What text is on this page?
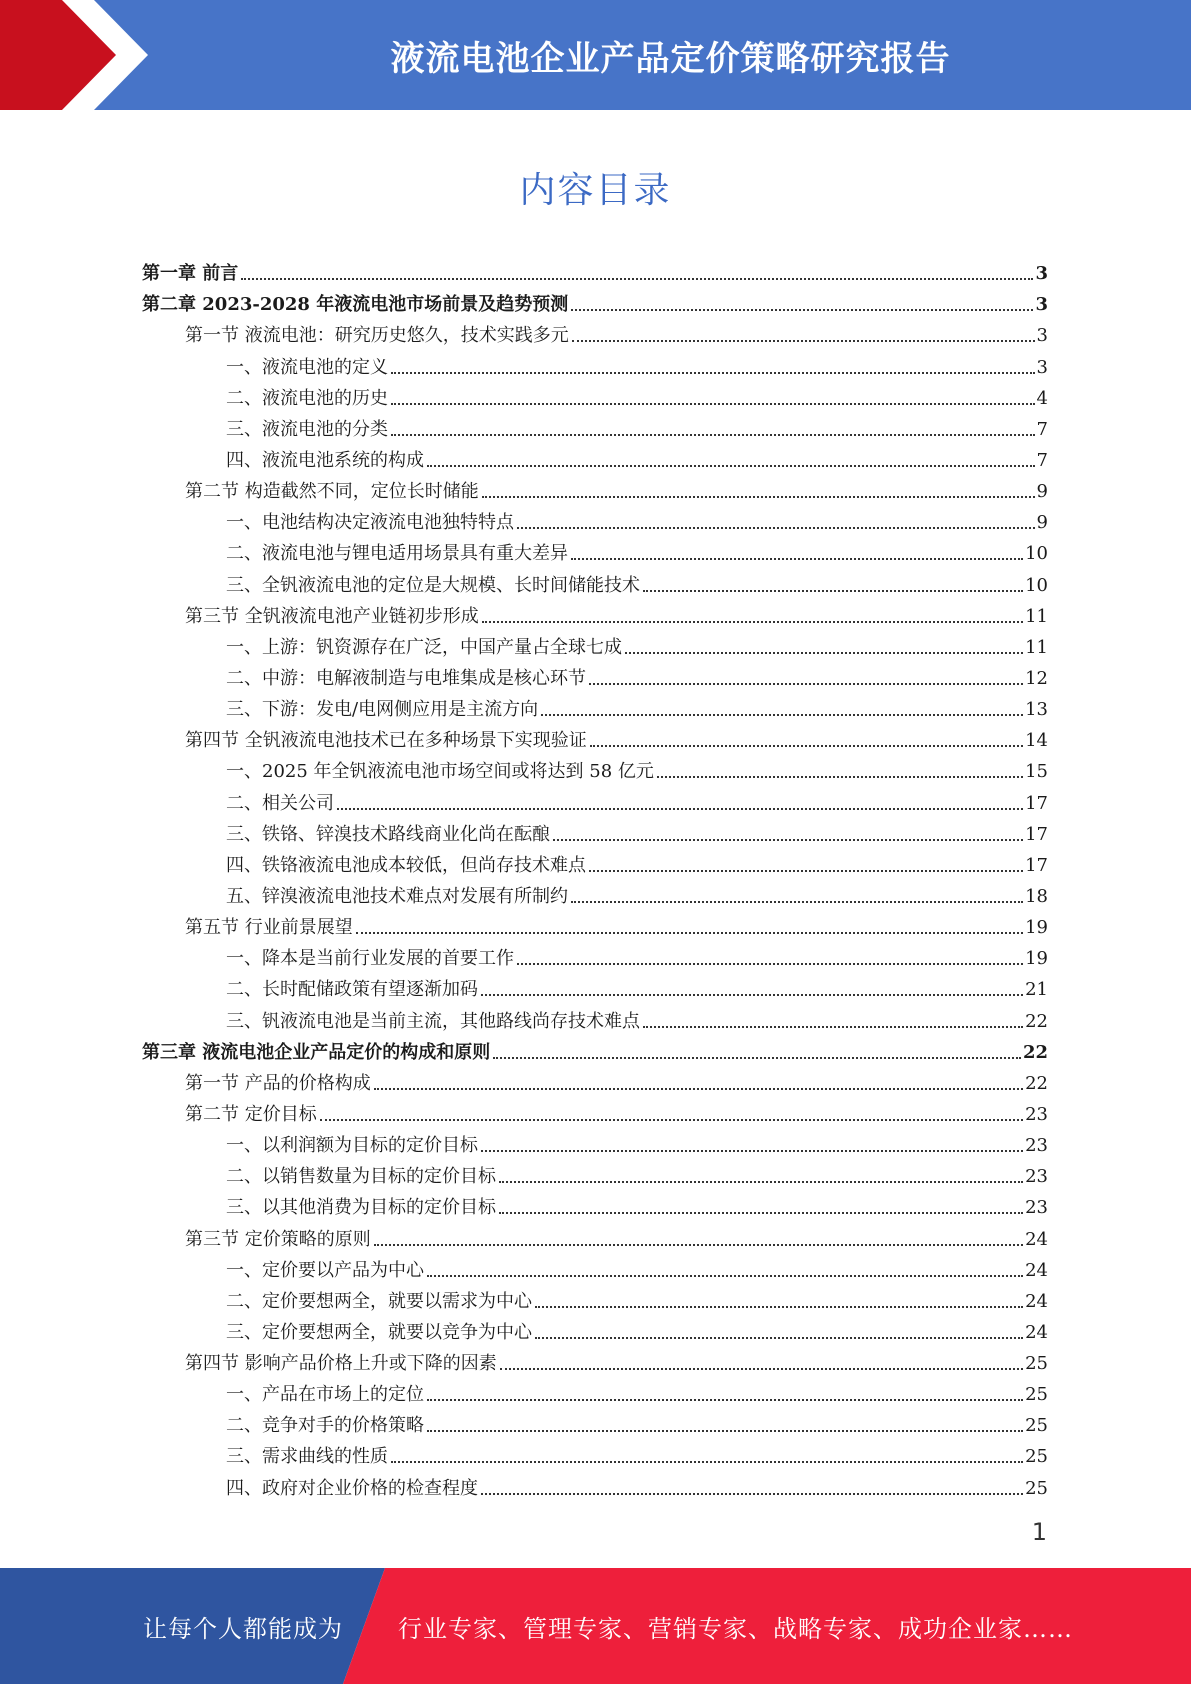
液流电池企业产品定价策略研究报告
内容目录
第一章 前言	3
第二章 2023-2028 年液流电池市场前景及趋势预测	3
第一节 液流电池：研究历史悠久，技术实践多元	3
一、液流电池的定义	3
二、液流电池的历史	4
三、液流电池的分类	7
四、液流电池系统的构成	7
第二节 构造截然不同，定位长时储能	9
一、电池结构决定液流电池独特特点	9
二、液流电池与锂电适用场景具有重大差异	10
三、全钒液流电池的定位是大规模、长时间储能技术	10
第三节 全钒液流电池产业链初步形成	11
一、上游：钒资源存在广泛，中国产量占全球七成	11
二、中游：电解液制造与电堆集成是核心环节	12
三、下游：发电/电网侧应用是主流方向	13
第四节 全钒液流电池技术已在多种场景下实现验证	14
一、2025 年全钒液流电池市场空间或将达到 58 亿元	15
二、相关公司	17
三、铁铬、锌溴技术路线商业化尚在酝酿	17
四、铁铬液流电池成本较低，但尚存技术难点	17
五、锌溴液流电池技术难点对发展有所制约	18
第五节 行业前景展望	19
一、降本是当前行业发展的首要工作	19
二、长时配储政策有望逐渐加码	21
三、钒液流电池是当前主流，其他路线尚存技术难点	22
第三章 液流电池企业产品定价的构成和原则	22
第一节 产品的价格构成	22
第二节 定价目标	23
一、以利润额为目标的定价目标	23
二、以销售数量为目标的定价目标	23
三、以其他消费为目标的定价目标	23
第三节 定价策略的原则	24
一、定价要以产品为中心	24
二、定价要想两全，就要以需求为中心	24
三、定价要想两全，就要以竞争为中心	24
第四节 影响产品价格上升或下降的因素	25
一、产品在市场上的定位	25
二、竞争对手的价格策略	25
三、需求曲线的性质	25
四、政府对企业价格的检查程度	25
1
让每个人都能成为 行业专家、管理专家、营销专家、战略专家、成功企业家……
